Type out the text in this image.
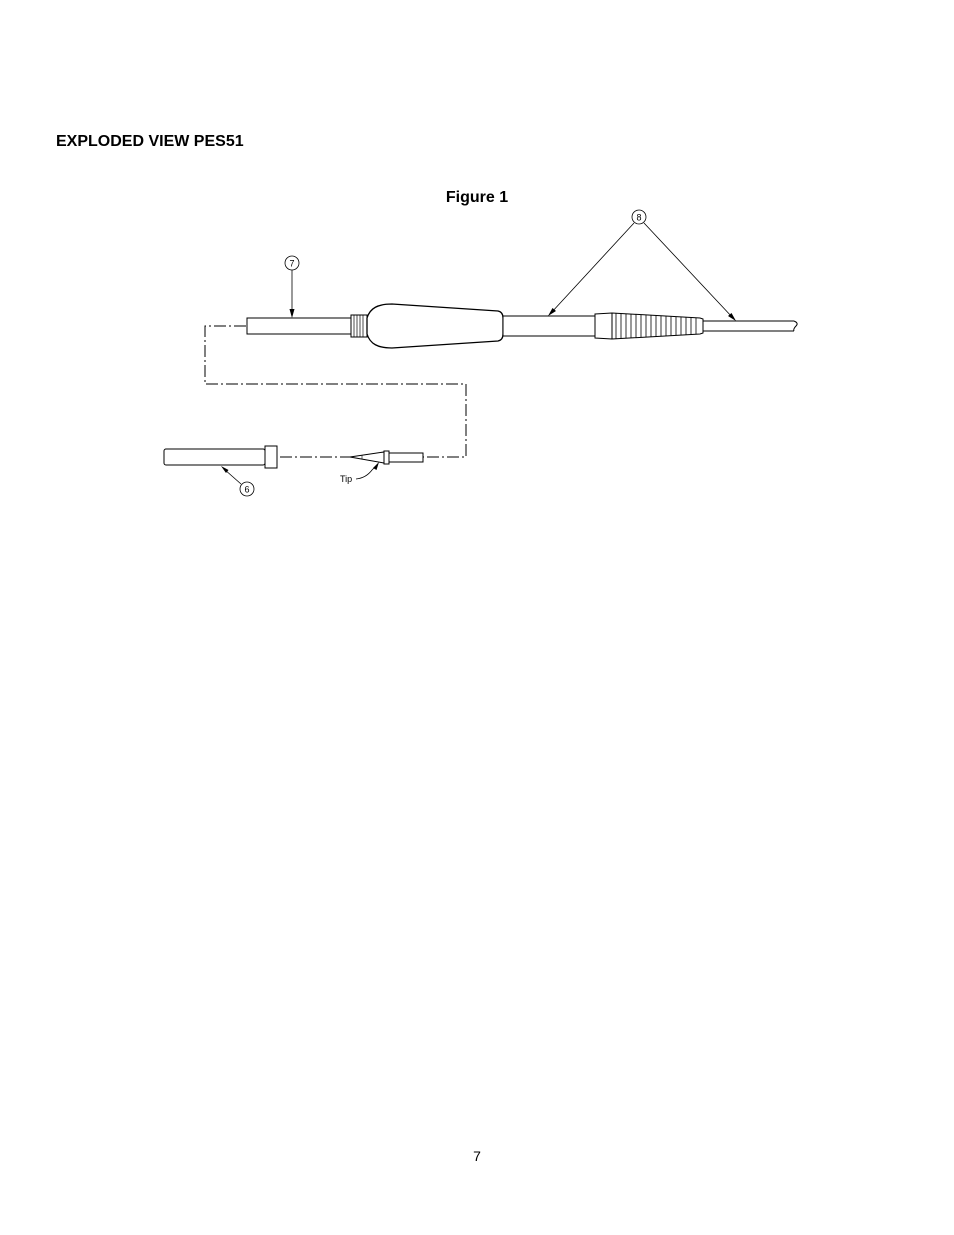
EXPLODED VIEW PES51
Figure 1
7
8
6
Tip
7
